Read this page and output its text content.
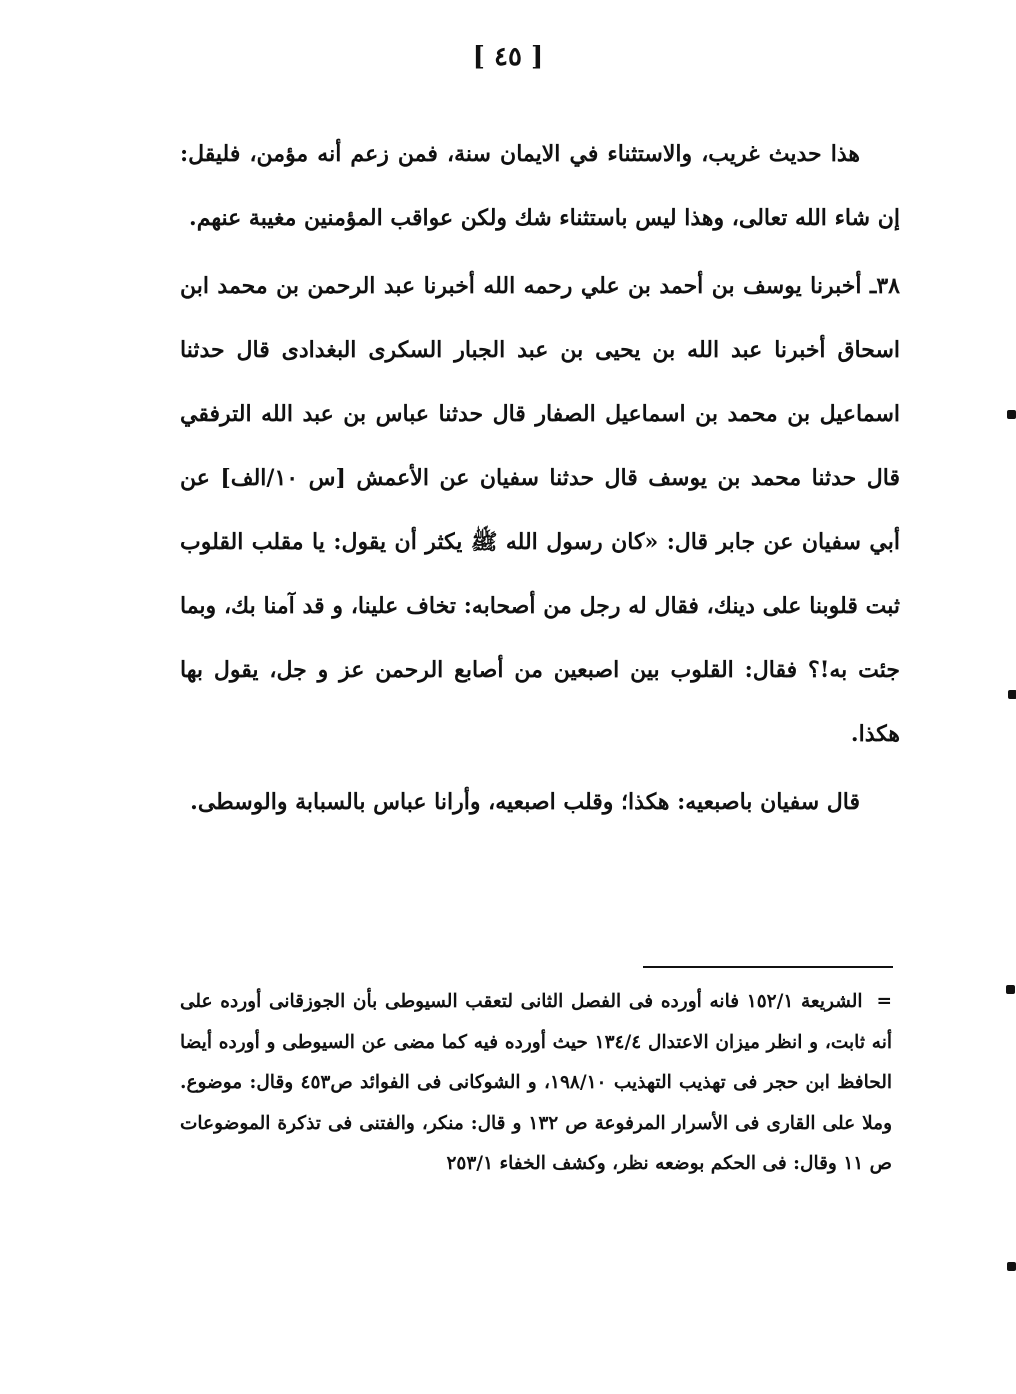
[ ٤٥ ]

هذا حديث غريب، والاستثناء في الايمان سنة، فمن زعم أنه مؤمن، فليقل: إن شاء الله تعالى، وهذا ليس باستثناء شك ولكن عواقب المؤمنين مغيبة عنهم.

٣٨ـ أخبرنا يوسف بن أحمد بن علي رحمه الله أخبرنا عبد الرحمن بن محمد ابن اسحاق أخبرنا عبد الله بن يحيى بن عبد الجبار السكرى البغدادى قال حدثنا اسماعيل بن محمد بن اسماعيل الصفار قال حدثنا عباس بن عبد الله الترفقي قال حدثنا محمد بن يوسف قال حدثنا سفيان عن الأعمش [س ١٠/الف] عن أبي سفيان عن جابر قال: «كان رسول الله ﷺ يكثر أن يقول: يا مقلب القلوب ثبت قلوبنا على دينك، فقال له رجل من أصحابه: تخاف علينا، و قد آمنا بك، وبما جئت به!؟ فقال: القلوب بين اصبعين من أصابع الرحمن عز و جل، يقول بها هكذا.

قال سفيان باصبعيه: هكذا؛ وقلب اصبعيه، وأرانا عباس بالسبابة والوسطى.

=الشريعة ١٥٢/١ فانه أورده فى الفصل الثانى لتعقب السيوطى بأن الجوزقانى أورده على أنه ثابت، و انظر ميزان الاعتدال ١٣٤/٤ حيث أورده فيه كما مضى عن السيوطى و أورده أيضا الحافظ ابن حجر فى تهذيب التهذيب ١٩٨/١٠، و الشوكانى فى الفوائد ص٤٥٣ وقال: موضوع. وملا على القارى فى الأسرار المرفوعة ص ١٣٢ و قال: منكر، والفتنى فى تذكرة الموضوعات ص ١١ وقال: فى الحكم بوضعه نظر، وكشف الخفاء ٢٥٣/١
